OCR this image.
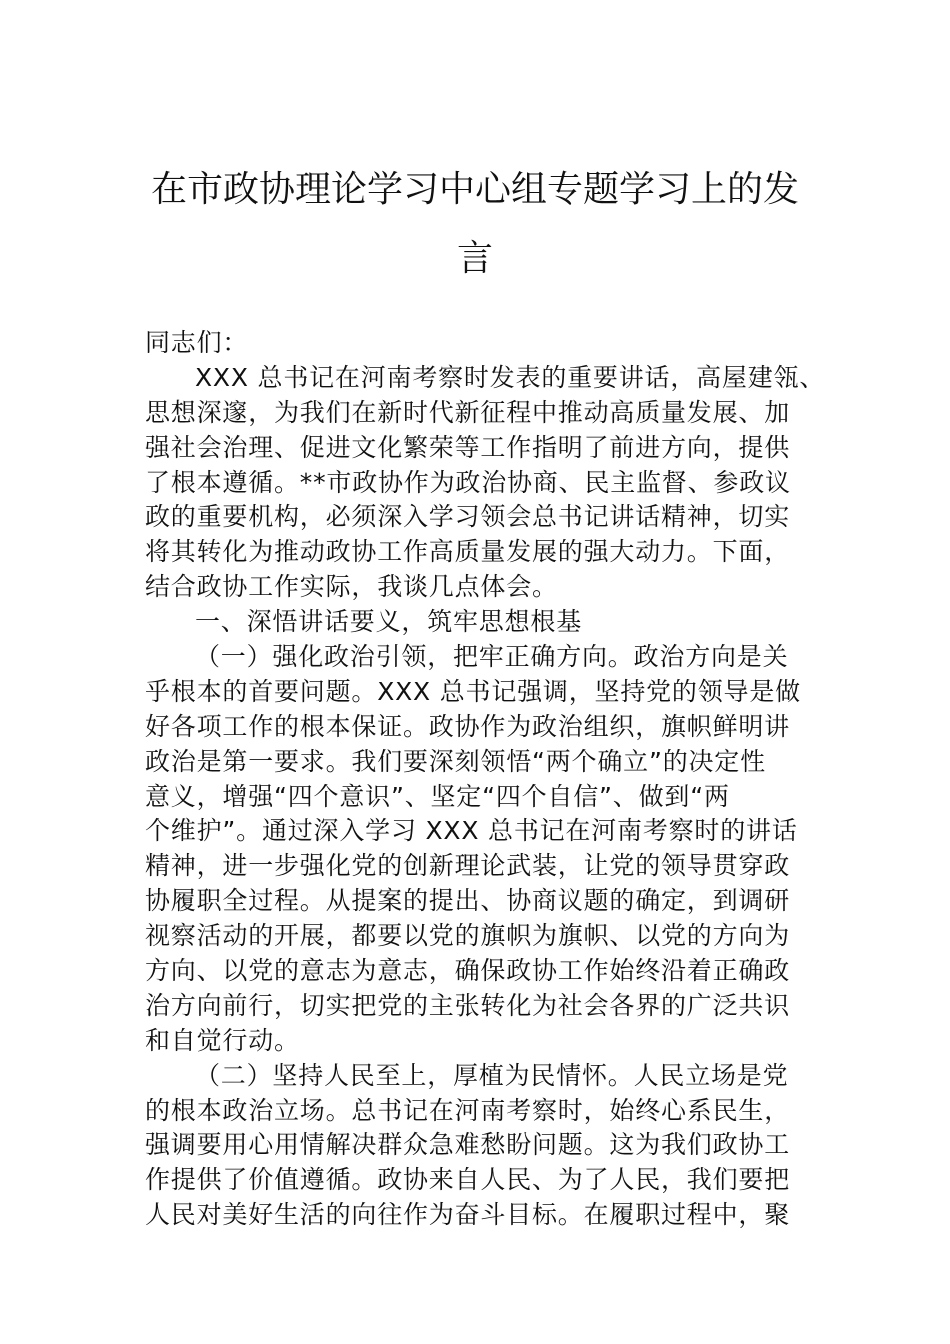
在市政协理论学习中心组专题学习上的发
言
同志们：
XXX 总书记在河南考察时发表的重要讲话，高屋建瓴、
思想深邃，为我们在新时代新征程中推动高质量发展、加
强社会治理、促进文化繁荣等工作指明了前进方向，提供
了根本遵循。**市政协作为政治协商、民主监督、参政议
政的重要机构，必须深入学习领会总书记讲话精神，切实
将其转化为推动政协工作高质量发展的强大动力。下面，
结合政协工作实际，我谈几点体会。
一、深悟讲话要义，筑牢思想根基
（一）强化政治引领，把牢正确方向。政治方向是关
乎根本的首要问题。XXX 总书记强调，坚持党的领导是做
好各项工作的根本保证。政协作为政治组织，旗帜鲜明讲
政治是第一要求。我们要深刻领悟“两个确立”的决定性
意义，增强“四个意识”、坚定“四个自信”、做到“两
个维护”。通过深入学习 XXX 总书记在河南考察时的讲话
精神，进一步强化党的创新理论武装，让党的领导贯穿政
协履职全过程。从提案的提出、协商议题的确定，到调研
视察活动的开展，都要以党的旗帜为旗帜、以党的方向为
方向、以党的意志为意志，确保政协工作始终沿着正确政
治方向前行，切实把党的主张转化为社会各界的广泛共识
和自觉行动。
（二）坚持人民至上，厚植为民情怀。人民立场是党
的根本政治立场。总书记在河南考察时，始终心系民生，
强调要用心用情解决群众急难愁盼问题。这为我们政协工
作提供了价值遵循。政协来自人民、为了人民，我们要把
人民对美好生活的向往作为奋斗目标。在履职过程中，聚
